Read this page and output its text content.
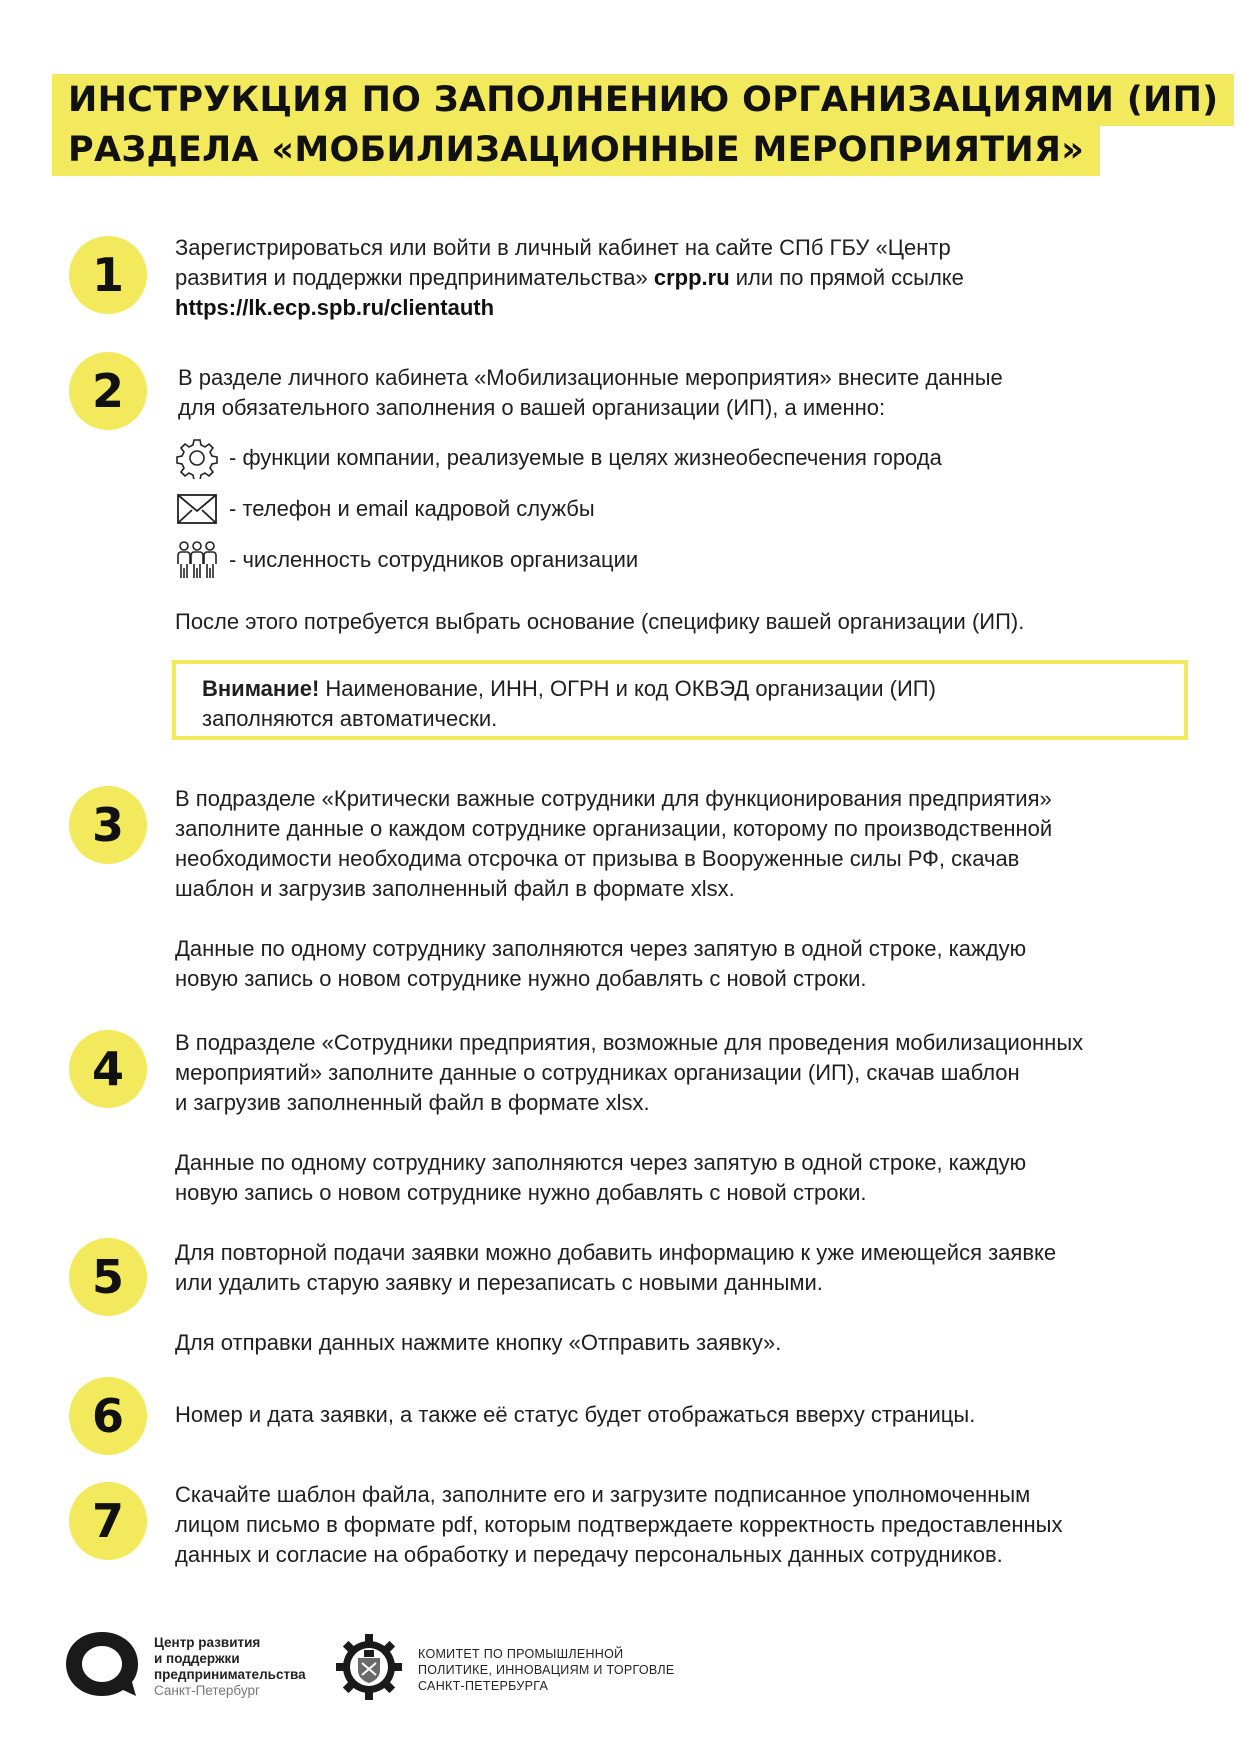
ИНСТРУКЦИЯ ПО ЗАПОЛНЕНИЮ ОРГАНИЗАЦИЯМИ (ИП)
РАЗДЕЛА «МОБИЛИЗАЦИОННЫЕ МЕРОПРИЯТИЯ»
1
Зарегистрироваться или войти в личный кабинет на сайте СПб ГБУ «Центр
развития и поддержки предпринимательства» crpp.ru или по прямой ссылке
https://lk.ecp.spb.ru/clientauth
2	В разделе личного кабинета «Мобилизационные мероприятия» внесите данные
для обязательного заполнения о вашей организации (ИП), а именно:
- функции компании, реализуемые в целях жизнеобеспечения города
- телефон и email кадровой службы
- численность сотрудников организации
После этого потребуется выбрать основание (специфику вашей организации (ИП).
Внимание! Наименование, ИНН, ОГРН и код ОКВЭД организации (ИП)
заполняются автоматически.
3	В подразделе «Критически важные сотрудники для функционирования предприятия»
заполните данные о каждом сотруднике организации, которому по производственной
необходимости необходима отсрочка от призыва в Вооруженные силы РФ, скачав
шаблон и загрузив заполненный файл в формате xlsx.
Данные по одному сотруднику заполняются через запятую в одной строке, каждую
новую запись о новом сотруднике нужно добавлять с новой строки.
4	В подразделе «Сотрудники предприятия, возможные для проведения мобилизационных
мероприятий» заполните данные о сотрудниках организации (ИП), скачав шаблон
и загрузив заполненный файл в формате xlsx.
Данные по одному сотруднику заполняются через запятую в одной строке, каждую
новую запись о новом сотруднике нужно добавлять с новой строки.
5	Для повторной подачи заявки можно добавить информацию к уже имеющейся заявке
или удалить старую заявку и перезаписать с новыми данными.
Для отправки данных нажмите кнопку «Отправить заявку».
6	Номер и дата заявки, а также её статус будет отображаться вверху страницы.
7	Скачайте шаблон файла, заполните его и загрузите подписанное уполномоченным
лицом письмо в формате pdf, которым подтверждаете корректность предоставленных
данных и согласие на обработку и передачу персональных данных сотрудников.
Центр развития
и поддержки
предпринимательства
Санкт-Петербург
КОМИТЕТ ПО ПРОМЫШЛЕННОЙ
ПОЛИТИКЕ, ИННОВАЦИЯМ И ТОРГОВЛЕ
САНКТ-ПЕТЕРБУРГА
